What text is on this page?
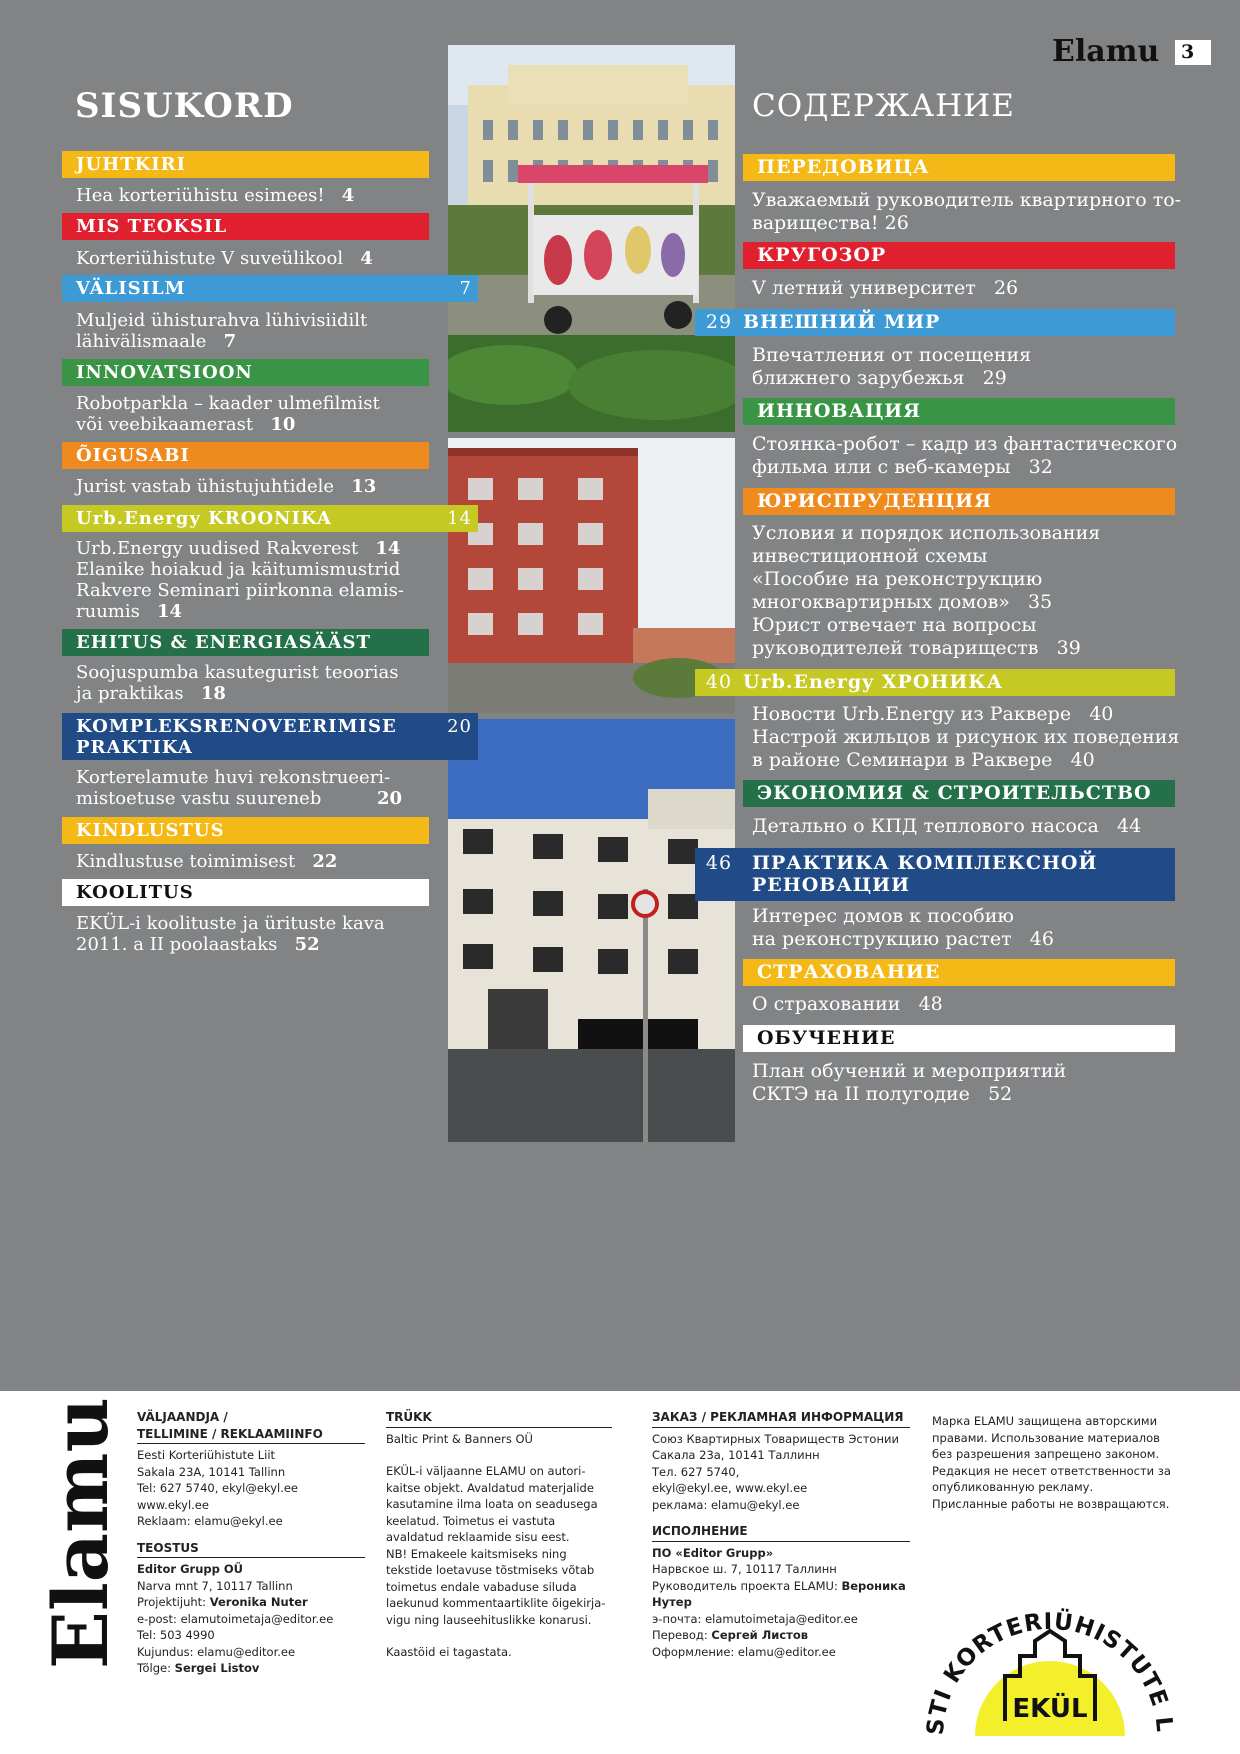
Elamu	3
SISUKORD	СОДЕРЖАНИЕ
JUHTKIRI
Hea korteriühistu esimees! 4
MIS TEOKSIL
Korteriühistute V suveülikool 4
VÄLISILM	7
Muljeid ühisturahva lühivisiidilt
lähivälismaale 7
INNOVATSIOON
Robotparkla – kaader ulmefilmist
või veebikaamerast 10
ÕIGUSABI
Jurist vastab ühistujuhtidele 13
Urb.Energy KROONIKA	14
Urb.Energy uudised Rakverest 14
Elanike hoiakud ja käitumismustrid
Rakvere Seminari piirkonna elamis-
ruumis 14
EHITUS & ENERGIASÄÄST
Soojuspumba kasutegurist teoorias
ja praktikas 18
KOMPLEKSRENOVEERIMISE
PRAKTIKA
20
Korterelamute huvi rekonstrueeri-
mistoetuse vastu suureneb	20
KINDLUSTUS
Kindlustuse toimimisest 22
KOOLITUS
EKÜL-i koolituste ja ürituste kava
2011. a II poolaastaks 52
ПЕРЕДОВИЦА
Уважаемый руководитель квартирного то-
варищества! 26
КРУГОЗОР
V летний университет 26
29 ВНЕШНИЙ МИР
Впечатления от посещения
ближнего зарубежья 29
ИННОВАЦИЯ
Стоянка-робот – кадр из фантастического
фильма или с веб-камеры 32
ЮРИСПРУДЕНЦИЯ
Условия и порядок использования
инвестиционной схемы
«Пособие на реконструкцию
многоквартирных домов» 35
Юрист отвечает на вопросы
руководителей товариществ 39
40 Urb.Energy ХРОНИКА
Новости Urb.Energy из Раквере 40
Настрой жильцов и рисунок их поведения
в районе Семинари в Раквере 40
ЭКОНОМИЯ & СТРОИТЕЛЬСТВО
Детально о КПД теплового насоса 44
46	ПРАКТИКА КОМПЛЕКСНОЙ
РЕНОВАЦИИ
Интерес домов к пособию
на реконструкцию растет 46
СТРАХОВАНИЕ
О страховании 48
ОБУЧЕНИЕ
План обучений и мероприятий
СКТЭ на II полугодие 52
Elamu VÄLJAANDJA /
TELLIMINE / REKLAAMIINFO
Eesti Korteriühistute Liit
Sakala 23A, 10141 Tallinn
Tel: 627 5740, ekyl@ekyl.ee
www.ekyl.ee
Reklaam: elamu@ekyl.ee
TEOSTUS
Editor Grupp OÜ
Narva mnt 7, 10117 Tallinn
Projektijuht: Veronika Nuter
e-post: elamutoimetaja@editor.ee
Tel: 503 4990
Kujundus: elamu@editor.ee
Tõlge: Sergei Listov
TRÜKK
Baltic Print & Banners OÜ
EKÜL-i väljaanne ELAMU on autori-
kaitse objekt. Avaldatud materjalide
kasutamine ilma loata on seadusega
keelatud. Toimetus ei vastuta
avaldatud reklaamide sisu eest.
NB! Emakeele kaitsmiseks ning
tekstide loetavuse tõstmiseks võtab
toimetus endale vabaduse siluda
laekunud kommentaartiklite õigekirja-
vigu ning lauseehituslikke konarusi.
Kaastöid ei tagastata.
ЗАКАЗ / РЕКЛАМНАЯ ИНФОРМАЦИЯ
Союз Квартирных Товариществ Эстонии
Сакала 23а, 10141 Таллинн
Тел. 627 5740,
ekyl@ekyl.ee, www.ekyl.ee
реклама: elamu@ekyl.ee
ИСПОЛНЕНИЕ
ПО «Editor Grupp»
Нарвское ш. 7, 10117 Таллинн
Руководитель проекта ELAMU: Вероника
Нутер
э-почта: elamutoimetaja@editor.ee
Перевод: Сергей Листов
Оформление: elamu@editor.ee
Марка ELAMU защищена авторскими
правами. Использование материалов
без разрешения запрещено законом.
Редакция не несет ответственности за
опубликованную рекламу.
Присланные работы не возвращаются.
STI KORTERIÜHISTUTE L
EKÜL
